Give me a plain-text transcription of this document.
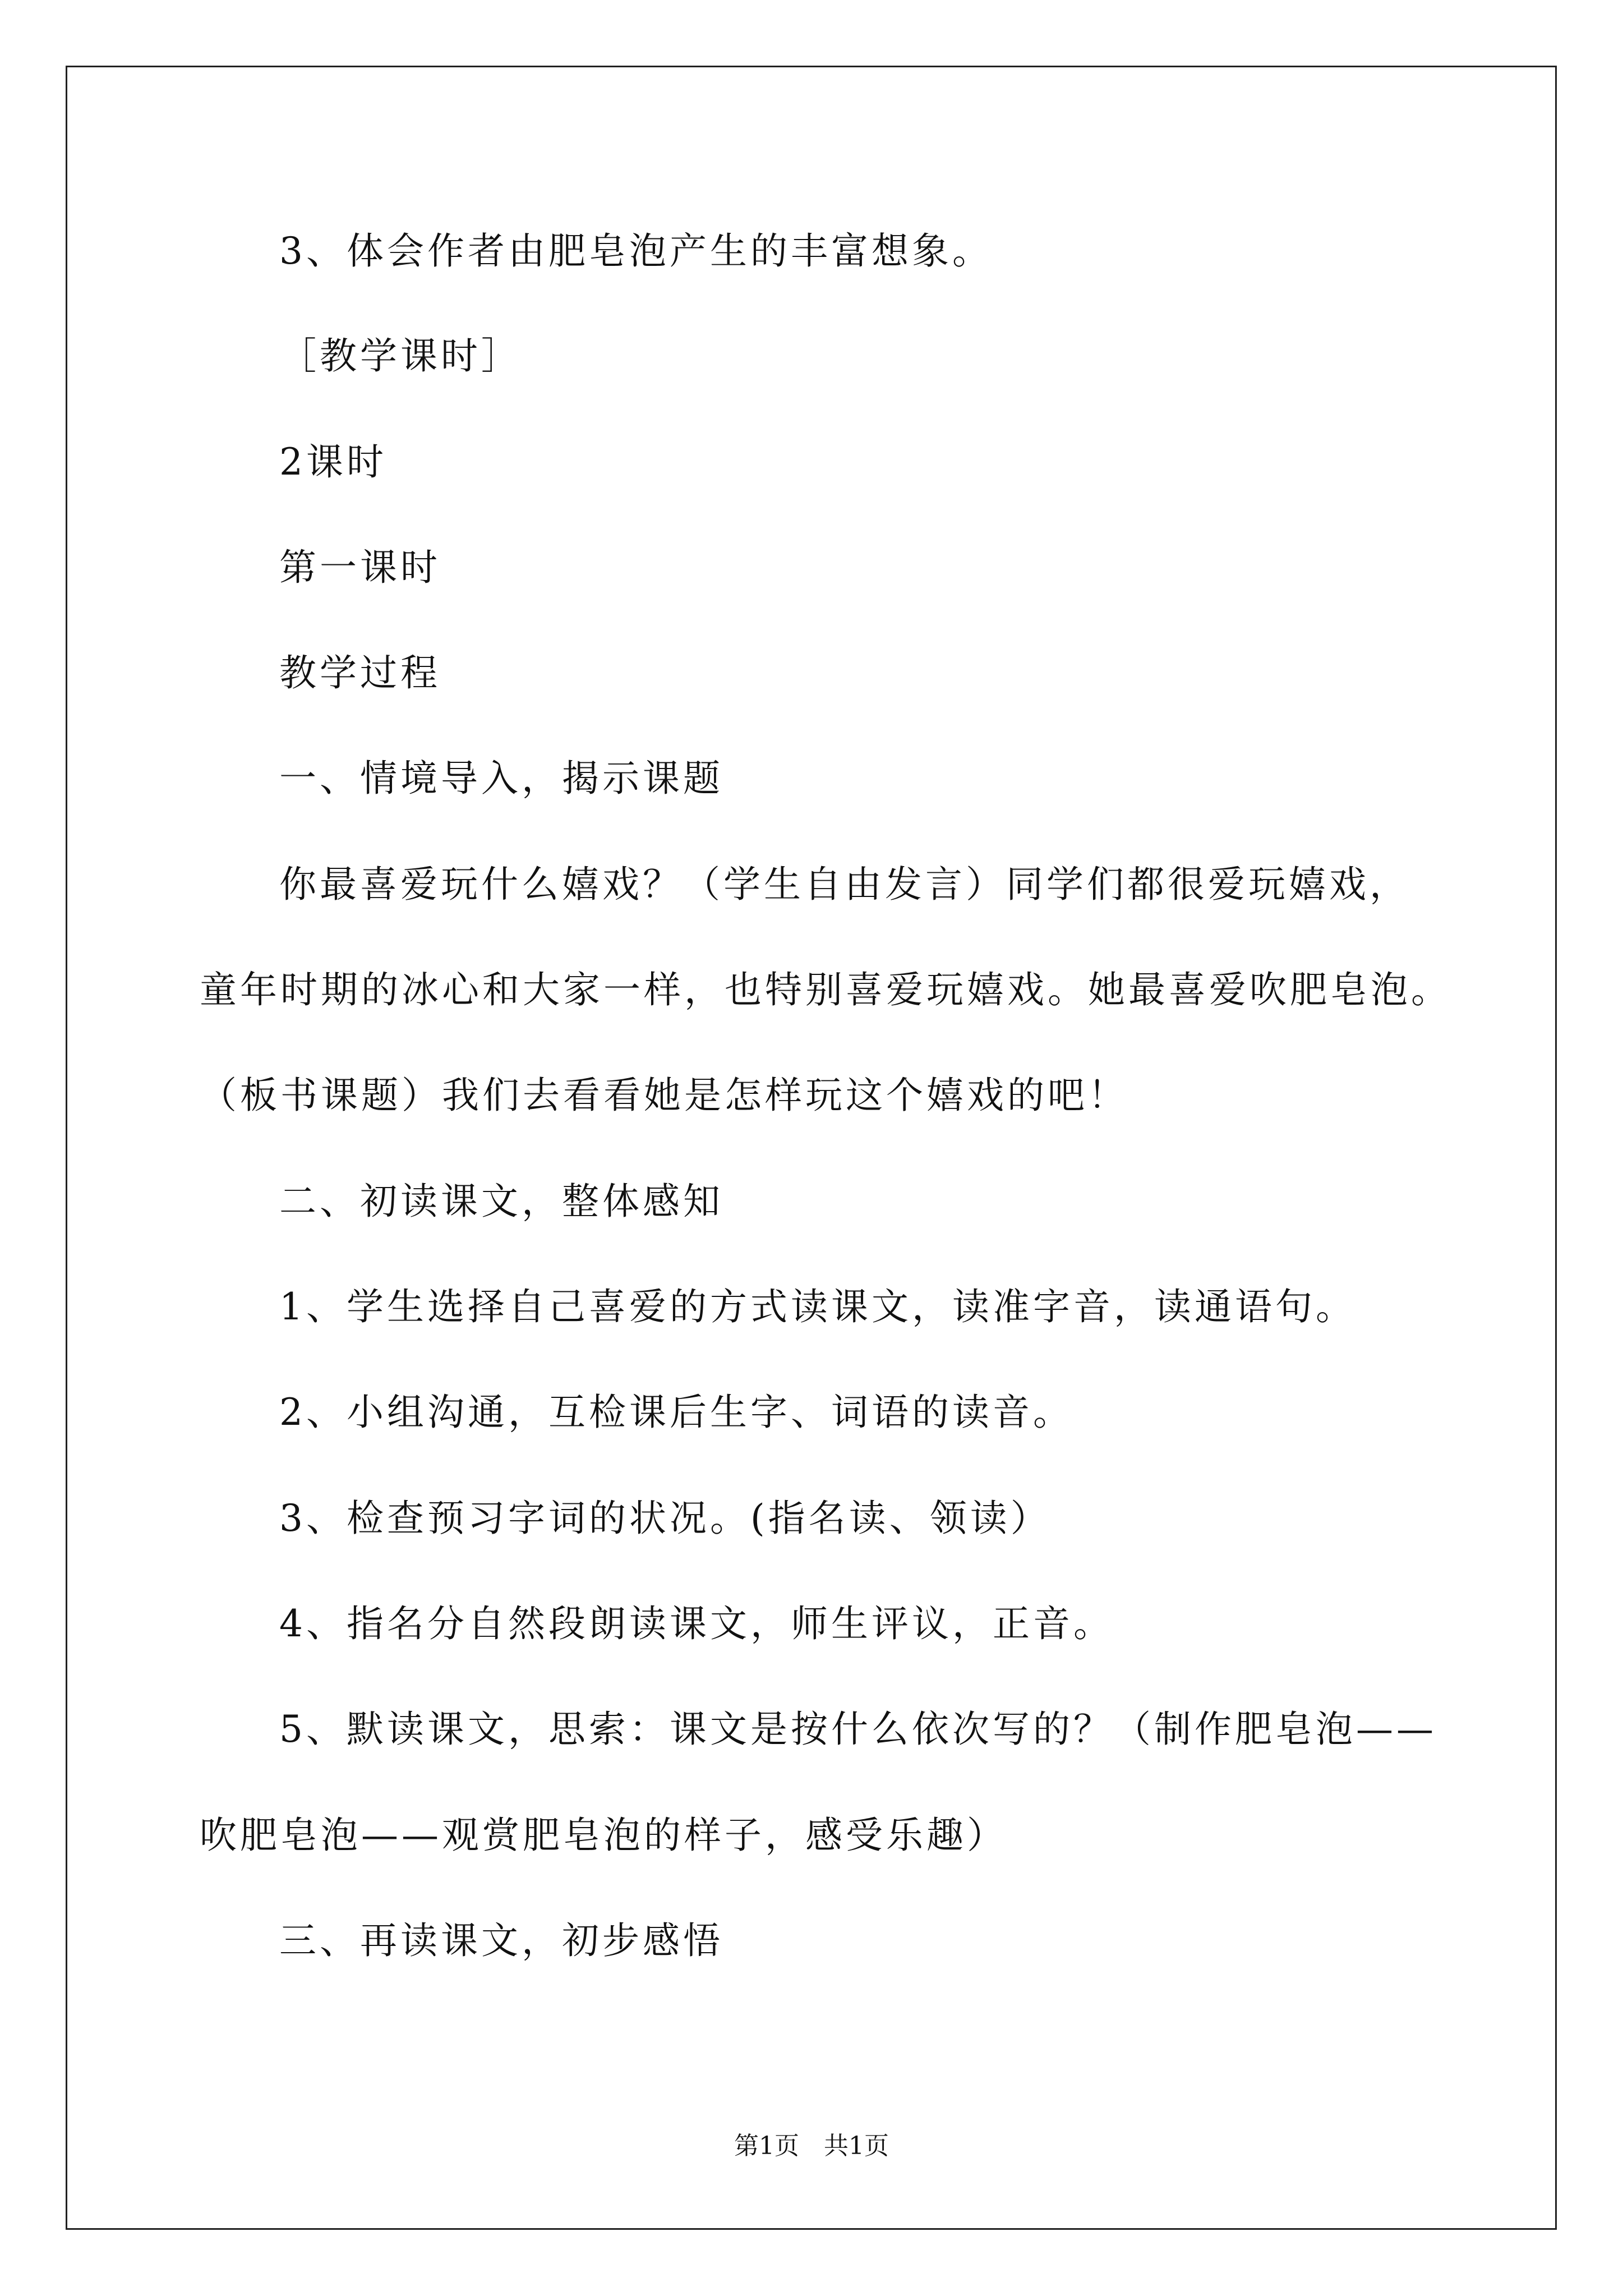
3、体会作者由肥皂泡产生的丰富想象。

［教学课时］

2课时

第一课时

教学过程

一、情境导入，揭示课题

你最喜爱玩什么嬉戏？（学生自由发言）同学们都很爱玩嬉戏，

童年时期的冰心和大家一样，也特别喜爱玩嬉戏。她最喜爱吹肥皂泡。

（板书课题）我们去看看她是怎样玩这个嬉戏的吧！

二、初读课文，整体感知

1、学生选择自己喜爱的方式读课文，读准字音，读通语句。

2、小组沟通，互检课后生字、词语的读音。

3、检查预习字词的状况。(指名读、领读）

4、指名分自然段朗读课文，师生评议，正音。

5、默读课文，思索：课文是按什么依次写的？（制作肥皂泡——

吹肥皂泡——观赏肥皂泡的样子，感受乐趣）

三、再读课文，初步感悟

第1页　共1页
